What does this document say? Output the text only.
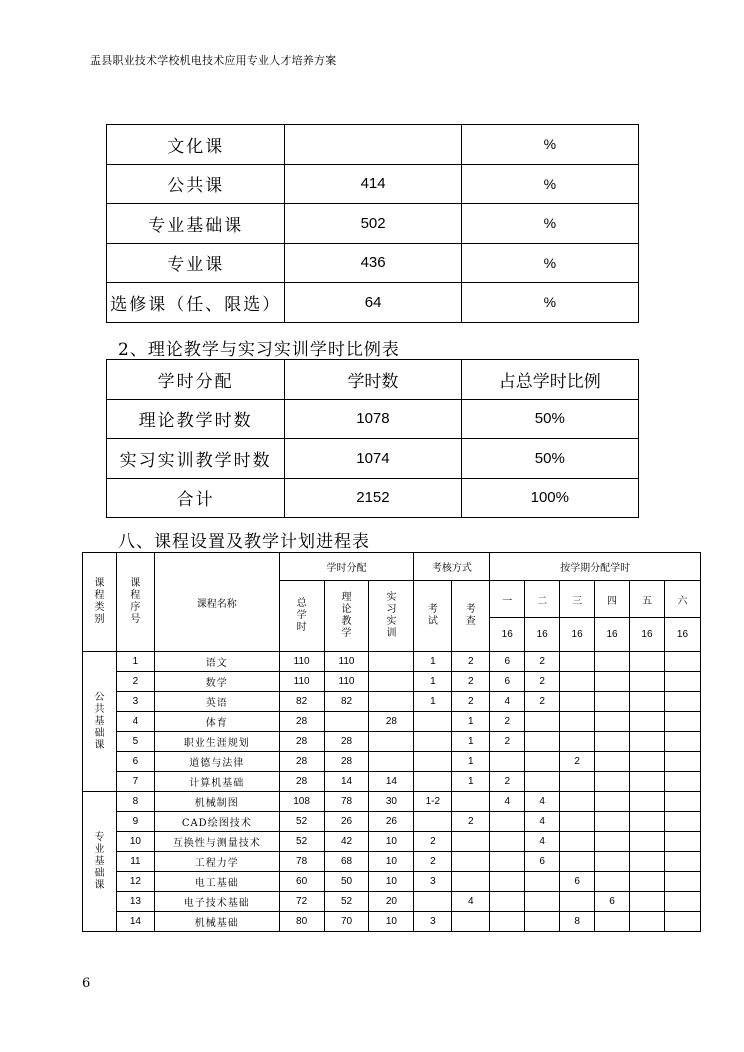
盂县职业技术学校机电技术应用专业人才培养方案
文化课		%
公共课	414	%
专业基础课	502	%
专业课	436	%
选修课（任、限选）	64	%
2、理论教学与实习实训学时比例表
学时分配	学时数	占总学时比例
理论教学时数	1078	50%
实习实训教学时数	1074	50%
合计	2152	100%
八、课程设置及教学计划进程表
课
程
类
别	课
程
序
号	课程名称	学时分配			考核方式		按学期分配学时					

			总
学
时	理
论
教
学	实
习
实
训	考
试	考
查	一	二	三	四	五	六
								16	16	16	16	16	16

公
共
基
础
课	1	语文	110	110		1	2	6	2				
	2	数学	110	110		1	2	6	2				
	3	英语	82	82		1	2	4	2				
	4	体育	28		28		1	2					
	5	职业生涯规划	28	28			1	2					
	6	道德与法律	28	28			1			2			
	7	计算机基础	28	14	14		1	2					

专
业
基
础
课	8	机械制图	108	78	30	1-2		4	4				
	9	CAD绘图技术	52	26	26		2		4				
	10	互换性与测量技术	52	42	10	2			4				
	11	工程力学	78	68	10	2			6				
	12	电工基础	60	50	10	3				6			
	13	电子技术基础	72	52	20		4				6		
	14	机械基础	80	70	10	3				8			
6
